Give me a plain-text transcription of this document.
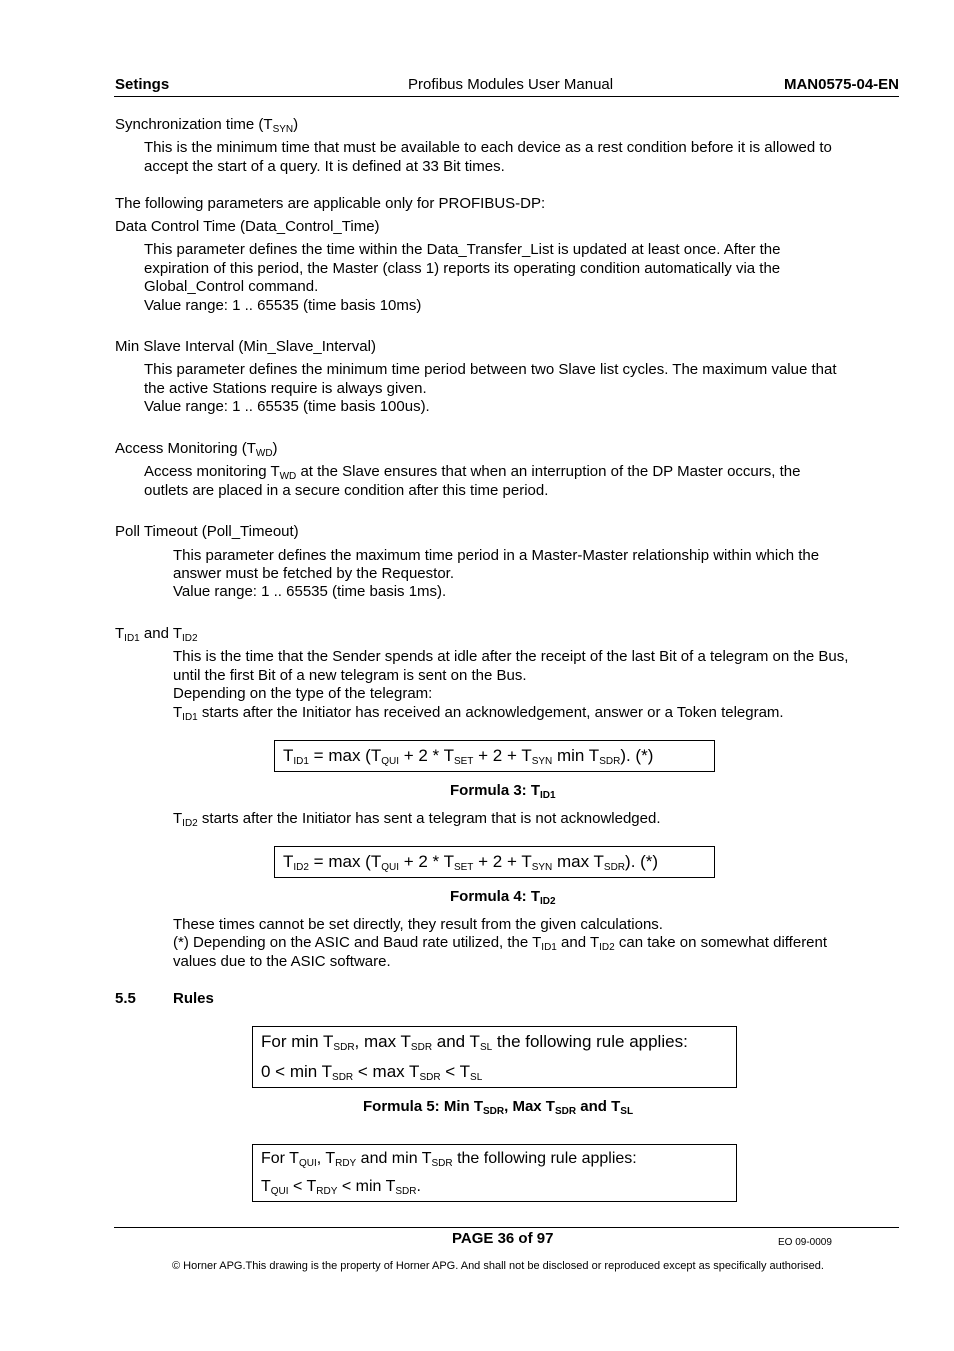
Setings	Profibus Modules User Manual	MAN0575-04-EN
Synchronization time $(T_{SYN})$
This is the minimum time that must be available to each device as a rest condition before it is allowed to
accept the start of a query. It is defined at 33 Bit times.
The following parameters are applicable only for PROFIBUS-DP:
Data Control Time (Data_Control_Time)
This parameter defines the time within the Data_Transfer_List is updated at least once. After the
expiration of this period, the Master (class 1) reports its operating condition automatically via the
Global_Control command.
Value range: 1 .. 65535 (time basis 10ms)
Min Slave Interval (Min_Slave_Interval)
This parameter defines the minimum time period between two Slave list cycles. The maximum value that
the active Stations require is always given.
Value range: 1 .. 65535 (time basis 100us).
Access Monitoring $(T_{WD})$
Access monitoring $T_{WD}$ at the Slave ensures that when an interruption of the DP Master occurs, the
outlets are placed in a secure condition after this time period.
Poll Timeout (Poll_Timeout)
This parameter defines the maximum time period in a Master-Master relationship within which the
answer must be fetched by the Requestor.
Value range: 1 .. 65535 (time basis 1ms).
$T_{ID1}$ and $T_{ID2}$
This is the time that the Sender spends at idle after the receipt of the last Bit of a telegram on the Bus,
until the first Bit of a new telegram is sent on the Bus.
Depending on the type of the telegram:
$T_{ID1}$ starts after the Initiator has received an acknowledgement, answer or a Token telegram.
$T_{ID1} = \max (T_{QUI} + 2 * T_{SET} + 2 + T_{SYN}$ $\min T_{SDR}$). (*)
Formula 3: $T_{ID1}$
$T_{ID2}$ starts after the Initiator has sent a telegram that is not acknowledged.
$T_{ID2} = \max (T_{QUI} + 2 * T_{SET} + 2 + T_{SYN}$ $\max T_{SDR}$). (*)
Formula 4: $T_{ID2}$
These times cannot be set directly, they result from the given calculations.
(*) Depending on the ASIC and Baud rate utilized, the $T_{ID1}$ and $T_{ID2}$ can take on somewhat different
values due to the ASIC software.
5.5 Rules
For $\min T_{SDR}$, $\max T_{SDR}$ and $T_{SL}$ the following rule applies:
$0 < \min T_{SDR} < \max T_{SDR} < T_{SL}$
Formula 5: Min $T_{SDR}$, Max $T_{SDR}$ and $T_{SL}$
For $T_{QUI}$, $T_{RDY}$ and $\min T_{SDR}$ the following rule applies:
$T_{QUI} < T_{RDY} < \min T_{SDR}$.
PAGE 36 of 97	EO 09-0009
© Horner APG.This drawing is the property of Horner APG. And shall not be disclosed or reproduced except as specifically authorised.
